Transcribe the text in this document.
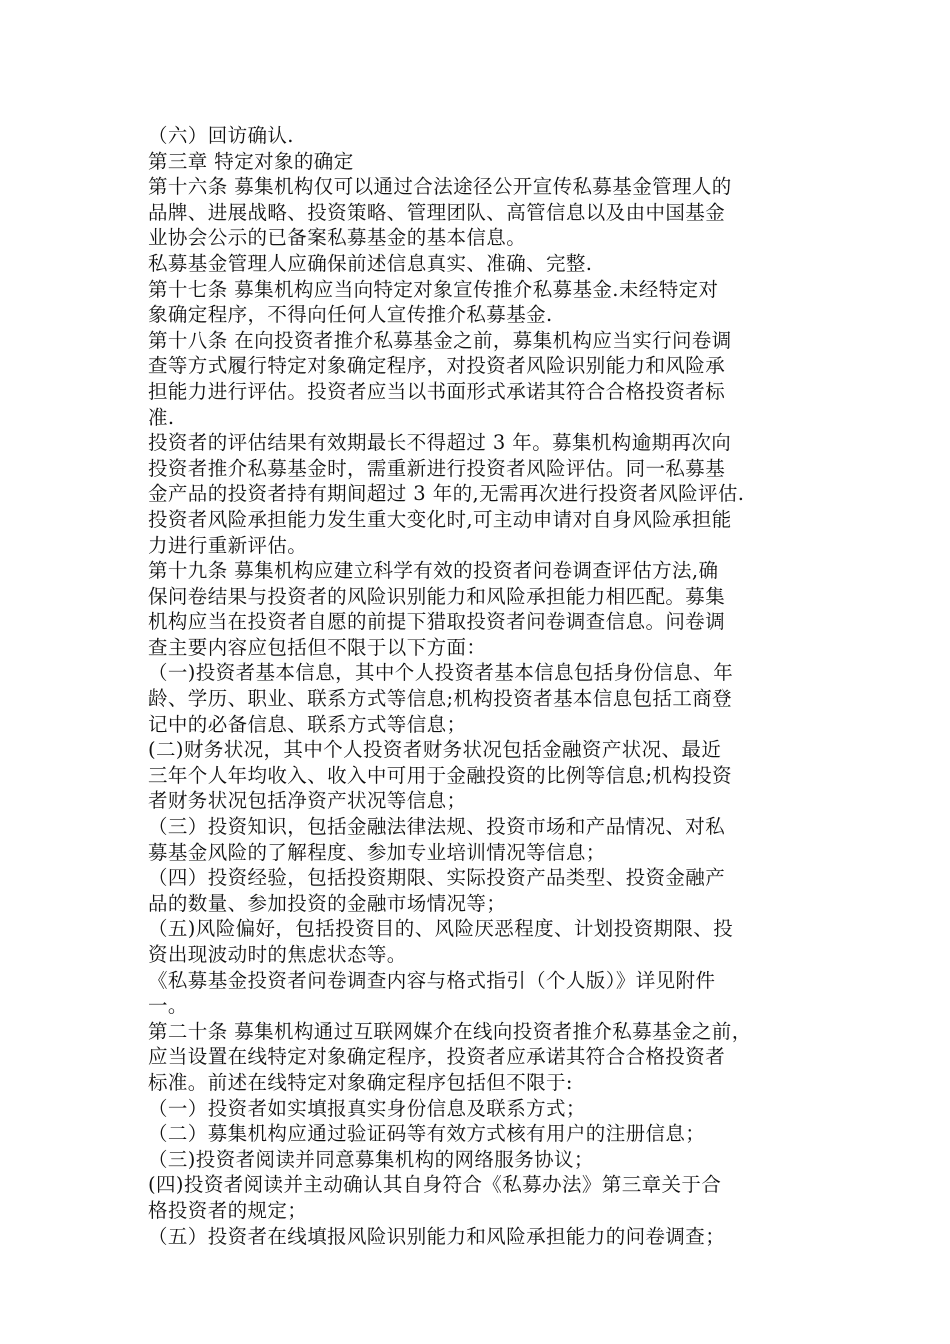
（六）回访确认.
第三章 特定对象的确定
第十六条 募集机构仅可以通过合法途径公开宣传私募基金管理人的
品牌、进展战略、投资策略、管理团队、高管信息以及由中国基金
业协会公示的已备案私募基金的基本信息。
私募基金管理人应确保前述信息真实、准确、完整.
第十七条 募集机构应当向特定对象宣传推介私募基金.未经特定对
象确定程序，不得向任何人宣传推介私募基金.
第十八条 在向投资者推介私募基金之前，募集机构应当实行问卷调
查等方式履行特定对象确定程序，对投资者风险识别能力和风险承
担能力进行评估。投资者应当以书面形式承诺其符合合格投资者标
准.
投资者的评估结果有效期最长不得超过 3 年。募集机构逾期再次向
投资者推介私募基金时，需重新进行投资者风险评估。同一私募基
金产品的投资者持有期间超过 3 年的,无需再次进行投资者风险评估.
投资者风险承担能力发生重大变化时,可主动申请对自身风险承担能
力进行重新评估。
第十九条 募集机构应建立科学有效的投资者问卷调查评估方法,确
保问卷结果与投资者的风险识别能力和风险承担能力相匹配。募集
机构应当在投资者自愿的前提下猎取投资者问卷调查信息。问卷调
查主要内容应包括但不限于以下方面：
（一)投资者基本信息，其中个人投资者基本信息包括身份信息、年
龄、学历、职业、联系方式等信息;机构投资者基本信息包括工商登
记中的必备信息、联系方式等信息；
(二)财务状况，其中个人投资者财务状况包括金融资产状况、最近
三年个人年均收入、收入中可用于金融投资的比例等信息;机构投资
者财务状况包括净资产状况等信息；
（三）投资知识，包括金融法律法规、投资市场和产品情况、对私
募基金风险的了解程度、参加专业培训情况等信息；
（四）投资经验，包括投资期限、实际投资产品类型、投资金融产
品的数量、参加投资的金融市场情况等；
（五)风险偏好，包括投资目的、风险厌恶程度、计划投资期限、投
资出现波动时的焦虑状态等。
《私募基金投资者问卷调查内容与格式指引（个人版）》详见附件
一。
第二十条 募集机构通过互联网媒介在线向投资者推介私募基金之前，
应当设置在线特定对象确定程序，投资者应承诺其符合合格投资者
标准。前述在线特定对象确定程序包括但不限于:
（一）投资者如实填报真实身份信息及联系方式；
（二）募集机构应通过验证码等有效方式核有用户的注册信息；
（三)投资者阅读并同意募集机构的网络服务协议；
(四)投资者阅读并主动确认其自身符合《私募办法》第三章关于合
格投资者的规定；
（五）投资者在线填报风险识别能力和风险承担能力的问卷调查；
